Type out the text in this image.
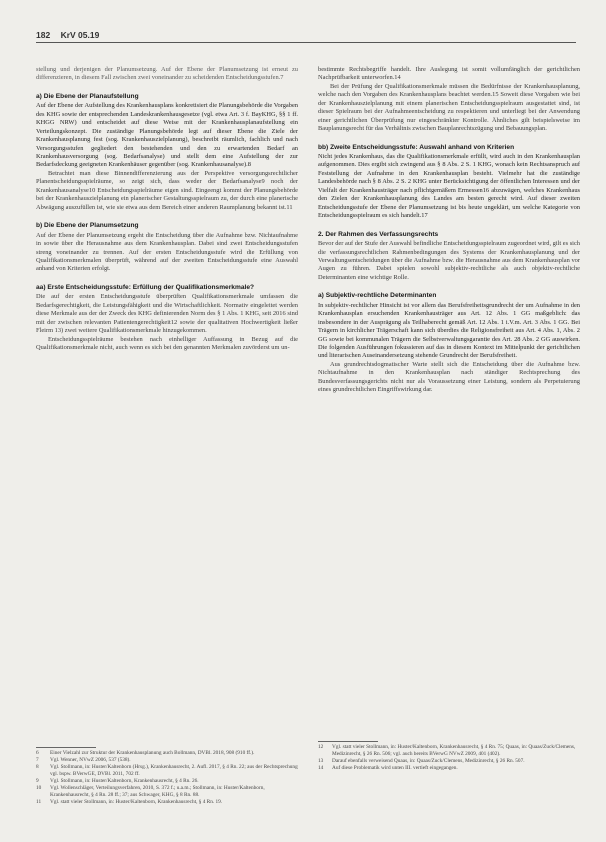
182 KrV 05.19

stellung und derjenigen der Planumsetzung. Auf der Ebene der Planumsetzung ist erneut zu differenzieren, in diesem Fall zwischen zwei voneinander zu scheidenden Entscheidungsstufen.7

a) Die Ebene der Planaufstellung

Auf der Ebene der Aufstellung des Krankenhausplans konkretisiert die Planungsbehörde die Vorgaben des KHG sowie der entsprechenden Landeskrankenhausgesetze (vgl. etwa Art. 3 f. BayKHG, §§ 1 ff. KHGG NRW) und entscheidet auf diese Weise mit der Krankenhausplanaufstellung ein Verteilungskonzept. Die zuständige Planungsbehörde legt auf dieser Ebene die Ziele der Krankenhausplanung fest (sog. Krankenhauszielplanung), beschreibt räumlich, fachlich und nach Versorgungsstufen gegliedert den bestehenden und den zu erwartenden Bedarf an Krankenhausversorgung (sog. Bedarfsanalyse) und stellt dem eine Aufstellung der zur Bedarfsdeckung geeigneten Krankenhäuser gegenüber (sog. Krankenhausanalyse).8

Betrachtet man diese Binnendifferenzierung aus der Perspektive versorgungsrechtlicher Planentscheidungsspielräume, so zeigt sich, dass weder der Bedarfsanalyse9 noch der Krankenhausanalyse10 Entscheidungsspielräume eigen sind. Eingeengt kommt der Planungsbehörde bei der Krankenhauszielplanung ein planerischer Gestaltungsspielraum zu, der durch eine planerische Abwägung auszufüllen ist, wie sie etwa aus dem Bereich einer anderen Raumplanung bekannt ist.11

b) Die Ebene der Planumsetzung

Auf der Ebene der Planumsetzung ergeht die Entscheidung über die Aufnahme bzw. Nichtaufnahme in sowie über die Herausnahme aus dem Krankenhausplan. Dabei sind zwei Entscheidungsstufen streng voneinander zu trennen. Auf der ersten Entscheidungsstufe wird die Erfüllung von Qualifikationsmerkmalen überprüft, während auf der zweiten Entscheidungsstufe eine Auswahl anhand von Kriterien erfolgt.

aa) Erste Entscheidungsstufe: Erfüllung der Qualifikationsmerkmale?

Die auf der ersten Entscheidungsstufe überprüften Qualifikationsmerkmale umfassen die Bedarfsgerechtigkeit, die Leistungsfähigkeit und die Wirtschaftlichkeit. Normativ eingeleitet werden diese Merkmale aus der der Zweck des KHG definierenden Norm des § 1 Abs. 1 KHG, seit 2016 sind mit der zwischen relevanten Patientengerechtigkeit12 sowie der qualitativen Hochwertigkeit ließer Fleirm 13) zwei weitere Qualifikationsmerkmale hinzugekommen.

Entscheidungsspielräume bestehen nach einhelliger Auffassung in Bezug auf die Qualifikationsmerkmale nicht, auch wenn es sich bei den genannten Merkmalen zuvörderst um un-

bestimmte Rechtsbegriffe handelt. Ihre Auslegung ist somit vollumfänglich der gerichtlichen Nachprüfbarkeit unterworfen.14

Bei der Prüfung der Qualifikationsmerkmale müssen die Bedürfnisse der Krankenhausplanung, welche nach den Vorgaben des Krankenhausplans beachtet werden.15 Soweit diese Vorgaben wie bei der Krankenhauszielplanung mit einem planerischen Entscheidungsspielraum ausgestattet sind, ist dieser Spielraum bei der Aufnahmeentscheidung zu respektieren und unterliegt bei der Anwendung einer gerichtlichen Überprüfung nur eingeschränkter Kontrolle. Ähnliches gilt beispielsweise im Bauplanungsrecht für das Verhältnis zwischen Bauplanrechtszügung und Bebauungsplan.

bb) Zweite Entscheidungsstufe: Auswahl anhand von Kriterien

Nicht jedes Krankenhaus, das die Qualifikationsmerkmale erfüllt, wird auch in den Krankenhausplan aufgenommen. Dies ergibt sich zwingend aus § 8 Abs. 2 S. 1 KHG, wonach kein Rechtsanspruch auf Feststellung der Aufnahme in den Krankenhausplan besteht. Vielmehr hat die zuständige Landesbehörde nach § 8 Abs. 2 S. 2 KHG unter Berücksichtigung der öffentlichen Interessen und der Vielfalt der Krankenhausträger nach pflichtgemäßem Ermessen16 abzuwägen, welches Krankenhaus den Zielen der Krankenhausplanung des Landes am besten gerecht wird. Auf dieser zweiten Entscheidungsstufe der Ebene der Planumsetzung ist bis heute ungeklärt, um welche Kategorie von Entscheidungsspielraum es sich handelt.17

2. Der Rahmen des Verfassungsrechts

Bevor der auf der Stufe der Auswahl befindliche Entscheidungsspielraum zugeordnet wird, gilt es sich die verfassungsrechtlichen Rahmenbedingungen des Systems der Krankenhausplanung und der Verwaltungsentscheidungen über die Aufnahme bzw. die Herausnahme aus dem Krankenhausplan vor Augen zu führen. Dabei spielen sowohl subjektiv-rechtliche als auch objektiv-rechtliche Determinanten eine wichtige Rolle.

a) Subjektiv-rechtliche Determinanten

In subjektiv-rechtlicher Hinsicht ist vor allem das Berufsfreiheitsgrundrecht der um Aufnahme in den Krankenhausplan ersuchenden Krankenhausträger aus Art. 12 Abs. 1 GG maßgeblich: das insbesondere in der Ausprägung als Teilhaberecht gemäß Art. 12 Abs. 1 i.V.m. Art. 3 Abs. 1 GG. Bei Trägern in kirchlicher Trägerschaft kann sich überdies die Religionsfreiheit aus Art. 4 Abs. 1, Abs. 2 GG sowie bei kommunalen Trägern die Selbstverwaltungsgarantie des Art. 28 Abs. 2 GG auswirken. Die folgenden Ausführungen fokussieren auf das in diesem Kontext im Mittelpunkt der gerichtlichen und literarischen Auseinandersetzung stehende Grundrecht der Berufsfreiheit.

Aus grundrechtsdogmatischer Warte stellt sich die Entscheidung über die Aufnahme bzw. Nichtaufnahme in den Krankenhausplan nach ständiger Rechtsprechung des Bundesverfassungsgerichts nicht nur als Voraussetzung einer Leistung, sondern als Perpetuierung eines grundrechtlichen Eingriffswirkung dar.

6	Einer Vielzahl zur Struktur der Krankenhausplanung auch Bollmann, DVBl. 2018, 908 (910 ff.).
7	Vgl. Wenner, NVwZ 2006, 537 (538).
8	Vgl. Stollmann, in: Huster/Kaltenborn (Hrsg.), Krankenhausrecht, 2. Aufl. 2017, § 4 Rn. 22; aus der Rechtsprechung vgl. bspw. BVerwGE, DVBl. 2011, 702 ff.
9	Vgl. Stollmann, in: Huster/Kaltenborn, Krankenhausrecht, § 4 Rn. 26.
10	Vgl. Wollenschläger, Verteilungsverfahren, 2010, S. 372 f.; u.a.m.; Stollmann, in: Huster/Kaltenborn, Krankenhausrecht, § 4 Rn. 28 ff.; 37; aus Schwager, KHG, § 8 Rn. 88.
11	Vgl. statt vieler Stollmann, in: Huster/Kaltenborn, Krankenhausrecht, § 4 Rn. 19.
12	Vgl. statt vieler Stollmann, in: Huster/Kaltenborn, Krankenhausrecht, § 4 Rn. 75; Quaas, in: Quaas/Zuck/Clemens, Medizinrecht, § 26 Rn. 506; vgl. auch bereits BVerwG NVwZ 2009, 401 (402).
13	Darauf ebenfalls verweisend Quaas, in: Quaas/Zuck/Clemens, Medizinrecht, § 26 Rn. 507.
14	Auf diese Problematik wird unten III. vertieft eingegangen.
